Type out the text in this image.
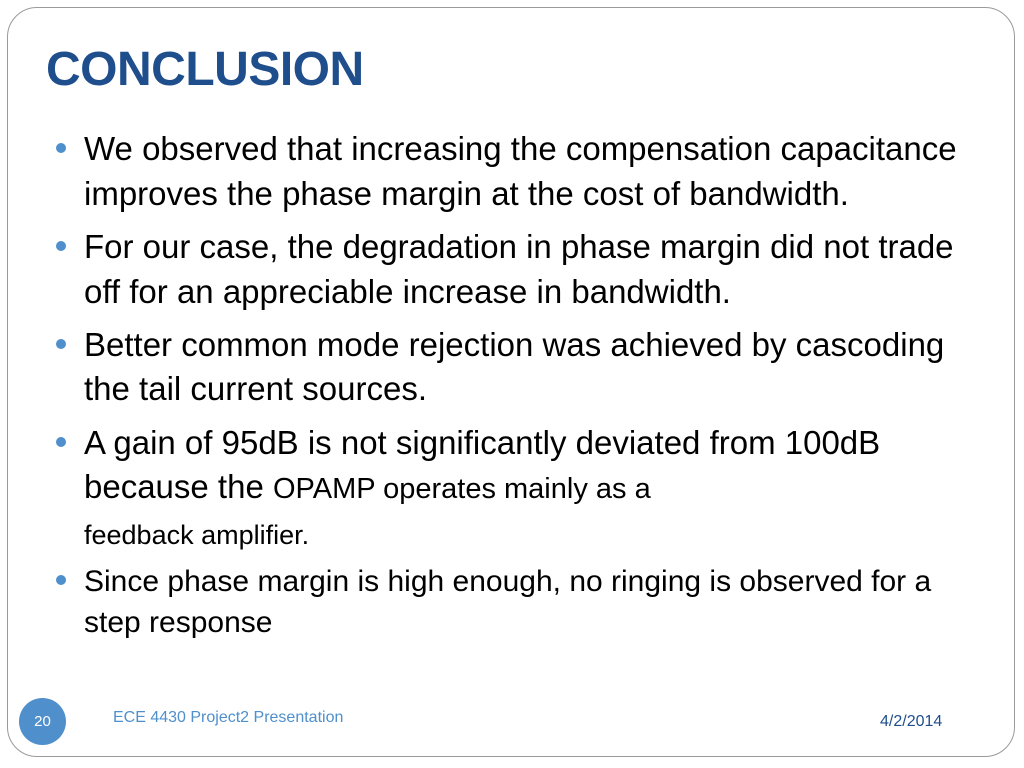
CONCLUSION
We observed that increasing the compensation capacitance improves the phase margin at the cost of bandwidth.
For our case, the degradation in phase margin did not trade off for an appreciable increase in bandwidth.
Better common mode rejection was achieved by cascoding the tail current sources.
A gain of 95dB is not significantly deviated from 100dB because the OPAMP operates mainly as a
feedback amplifier.
Since phase margin is high enough, no ringing is observed for a step response
20	ECE 4430 Project2 Presentation	4/2/2014
